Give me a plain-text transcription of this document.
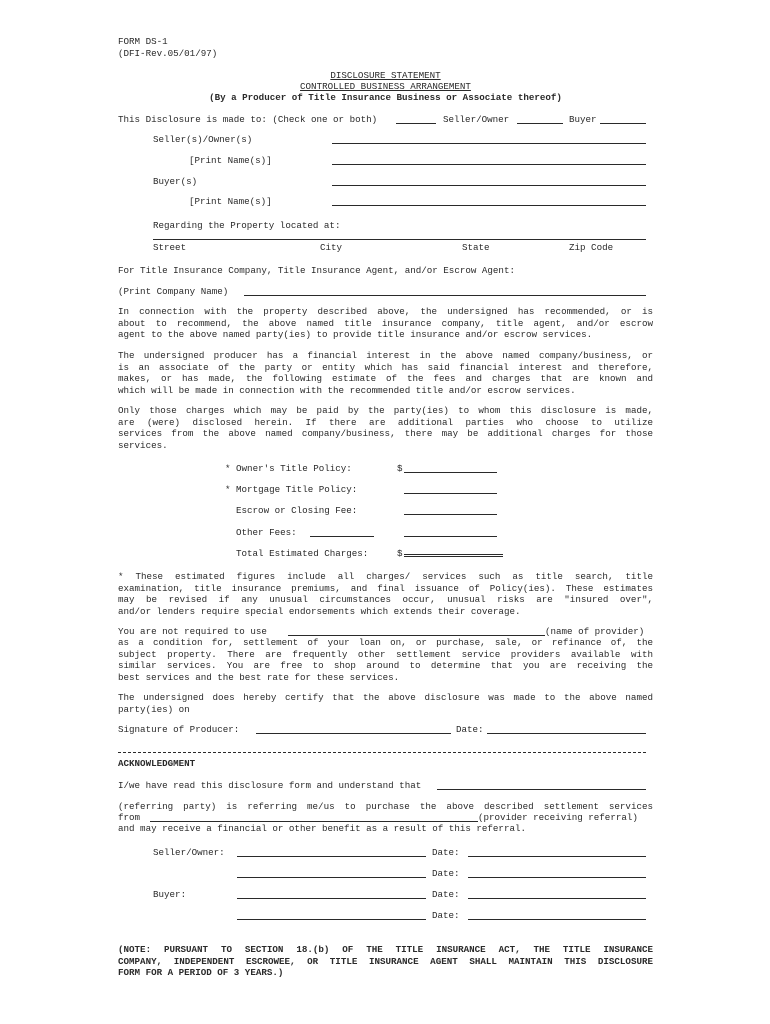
FORM DS-1
(DFI-Rev.05/01/97)
DISCLOSURE STATEMENT
CONTROLLED BUSINESS ARRANGEMENT
(By a Producer of Title Insurance Business or Associate thereof)
This Disclosure is made to: (Check one or both)	Seller/Owner	Buyer
Seller(s)/Owner(s)
[Print Name(s)]
Buyer(s)
[Print Name(s)]
Regarding the Property located at:
Street	City	State	Zip Code
For Title Insurance Company, Title Insurance Agent, and/or Escrow Agent:
(Print Company Name)
In connection with the property described above, the undersigned has recommended, or is
about to recommend, the above named title insurance company, title agent, and/or escrow
agent to the above named party(ies) to provide title insurance and/or escrow services.
The undersigned producer has a financial interest in the above named company/business, or
is an associate of the party or entity which has said financial interest and therefore,
makes, or has made, the following estimate of the fees and charges that are known and
which will be made in connection with the recommended title and/or escrow services.
Only those charges which may be paid by the party(ies) to whom this disclosure is made,
are (were) disclosed herein. If there are additional parties who choose to utilize
services from the above named company/business, there may be additional charges for those
services.
* Owner's Title Policy:	$
* Mortgage Title Policy:
Escrow or Closing Fee:
Other Fees:
Total Estimated Charges:	$
* These estimated figures include all charges/ services such as title search, title
examination, title insurance premiums, and final issuance of Policy(ies). These estimates
may be revised if any unusual circumstances occur, unusual risks are "insured over",
and/or lenders require special endorsements which extends their coverage.
You are not required to use	(name of provider)
as a condition for, settlement of your loan on, or purchase, sale, or refinance of, the
subject property. There are frequently other settlement service providers available with
similar services. You are free to shop around to determine that you are receiving the
best services and the best rate for these services.
The undersigned does hereby certify that the above disclosure was made to the above named
party(ies) on
Signature of Producer:	Date:
ACKNOWLEDGMENT
I/we have read this disclosure form and understand that
(referring party) is referring me/us to purchase the above described settlement services
from	(provider receiving referral)
and may receive a financial or other benefit as a result of this referral.
Seller/Owner:	Date:
Date:
Buyer:	Date:
Date:
(NOTE: PURSUANT TO SECTION 18.(b) OF THE TITLE INSURANCE ACT, THE TITLE INSURANCE
COMPANY, INDEPENDENT ESCROWEE, OR TITLE INSURANCE AGENT SHALL MAINTAIN THIS DISCLOSURE
FORM FOR A PERIOD OF 3 YEARS.)
